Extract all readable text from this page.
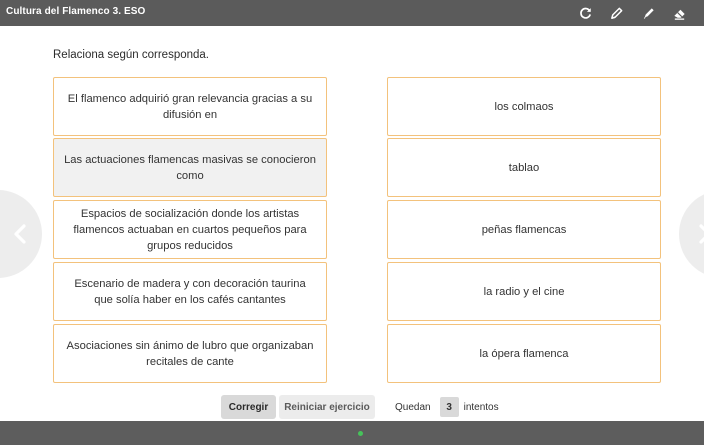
Cultura del Flamenco 3. ESO
Relaciona según corresponda.
El flamenco adquirió gran relevancia gracias a su difusión en
Las actuaciones flamencas masivas se conocieron como
Espacios de socialización donde los artistas flamencos actuaban en cuartos pequeños para grupos reducidos
Escenario de madera y con decoración taurina que solía haber en los cafés cantantes
Asociaciones sin ánimo de lubro que organizaban recitales de cante
los colmaos
tablao
peñas flamencas
la radio y el cine
la ópera flamenca
Corregir	Reiniciar ejercicio	Quedan	3	intentos
